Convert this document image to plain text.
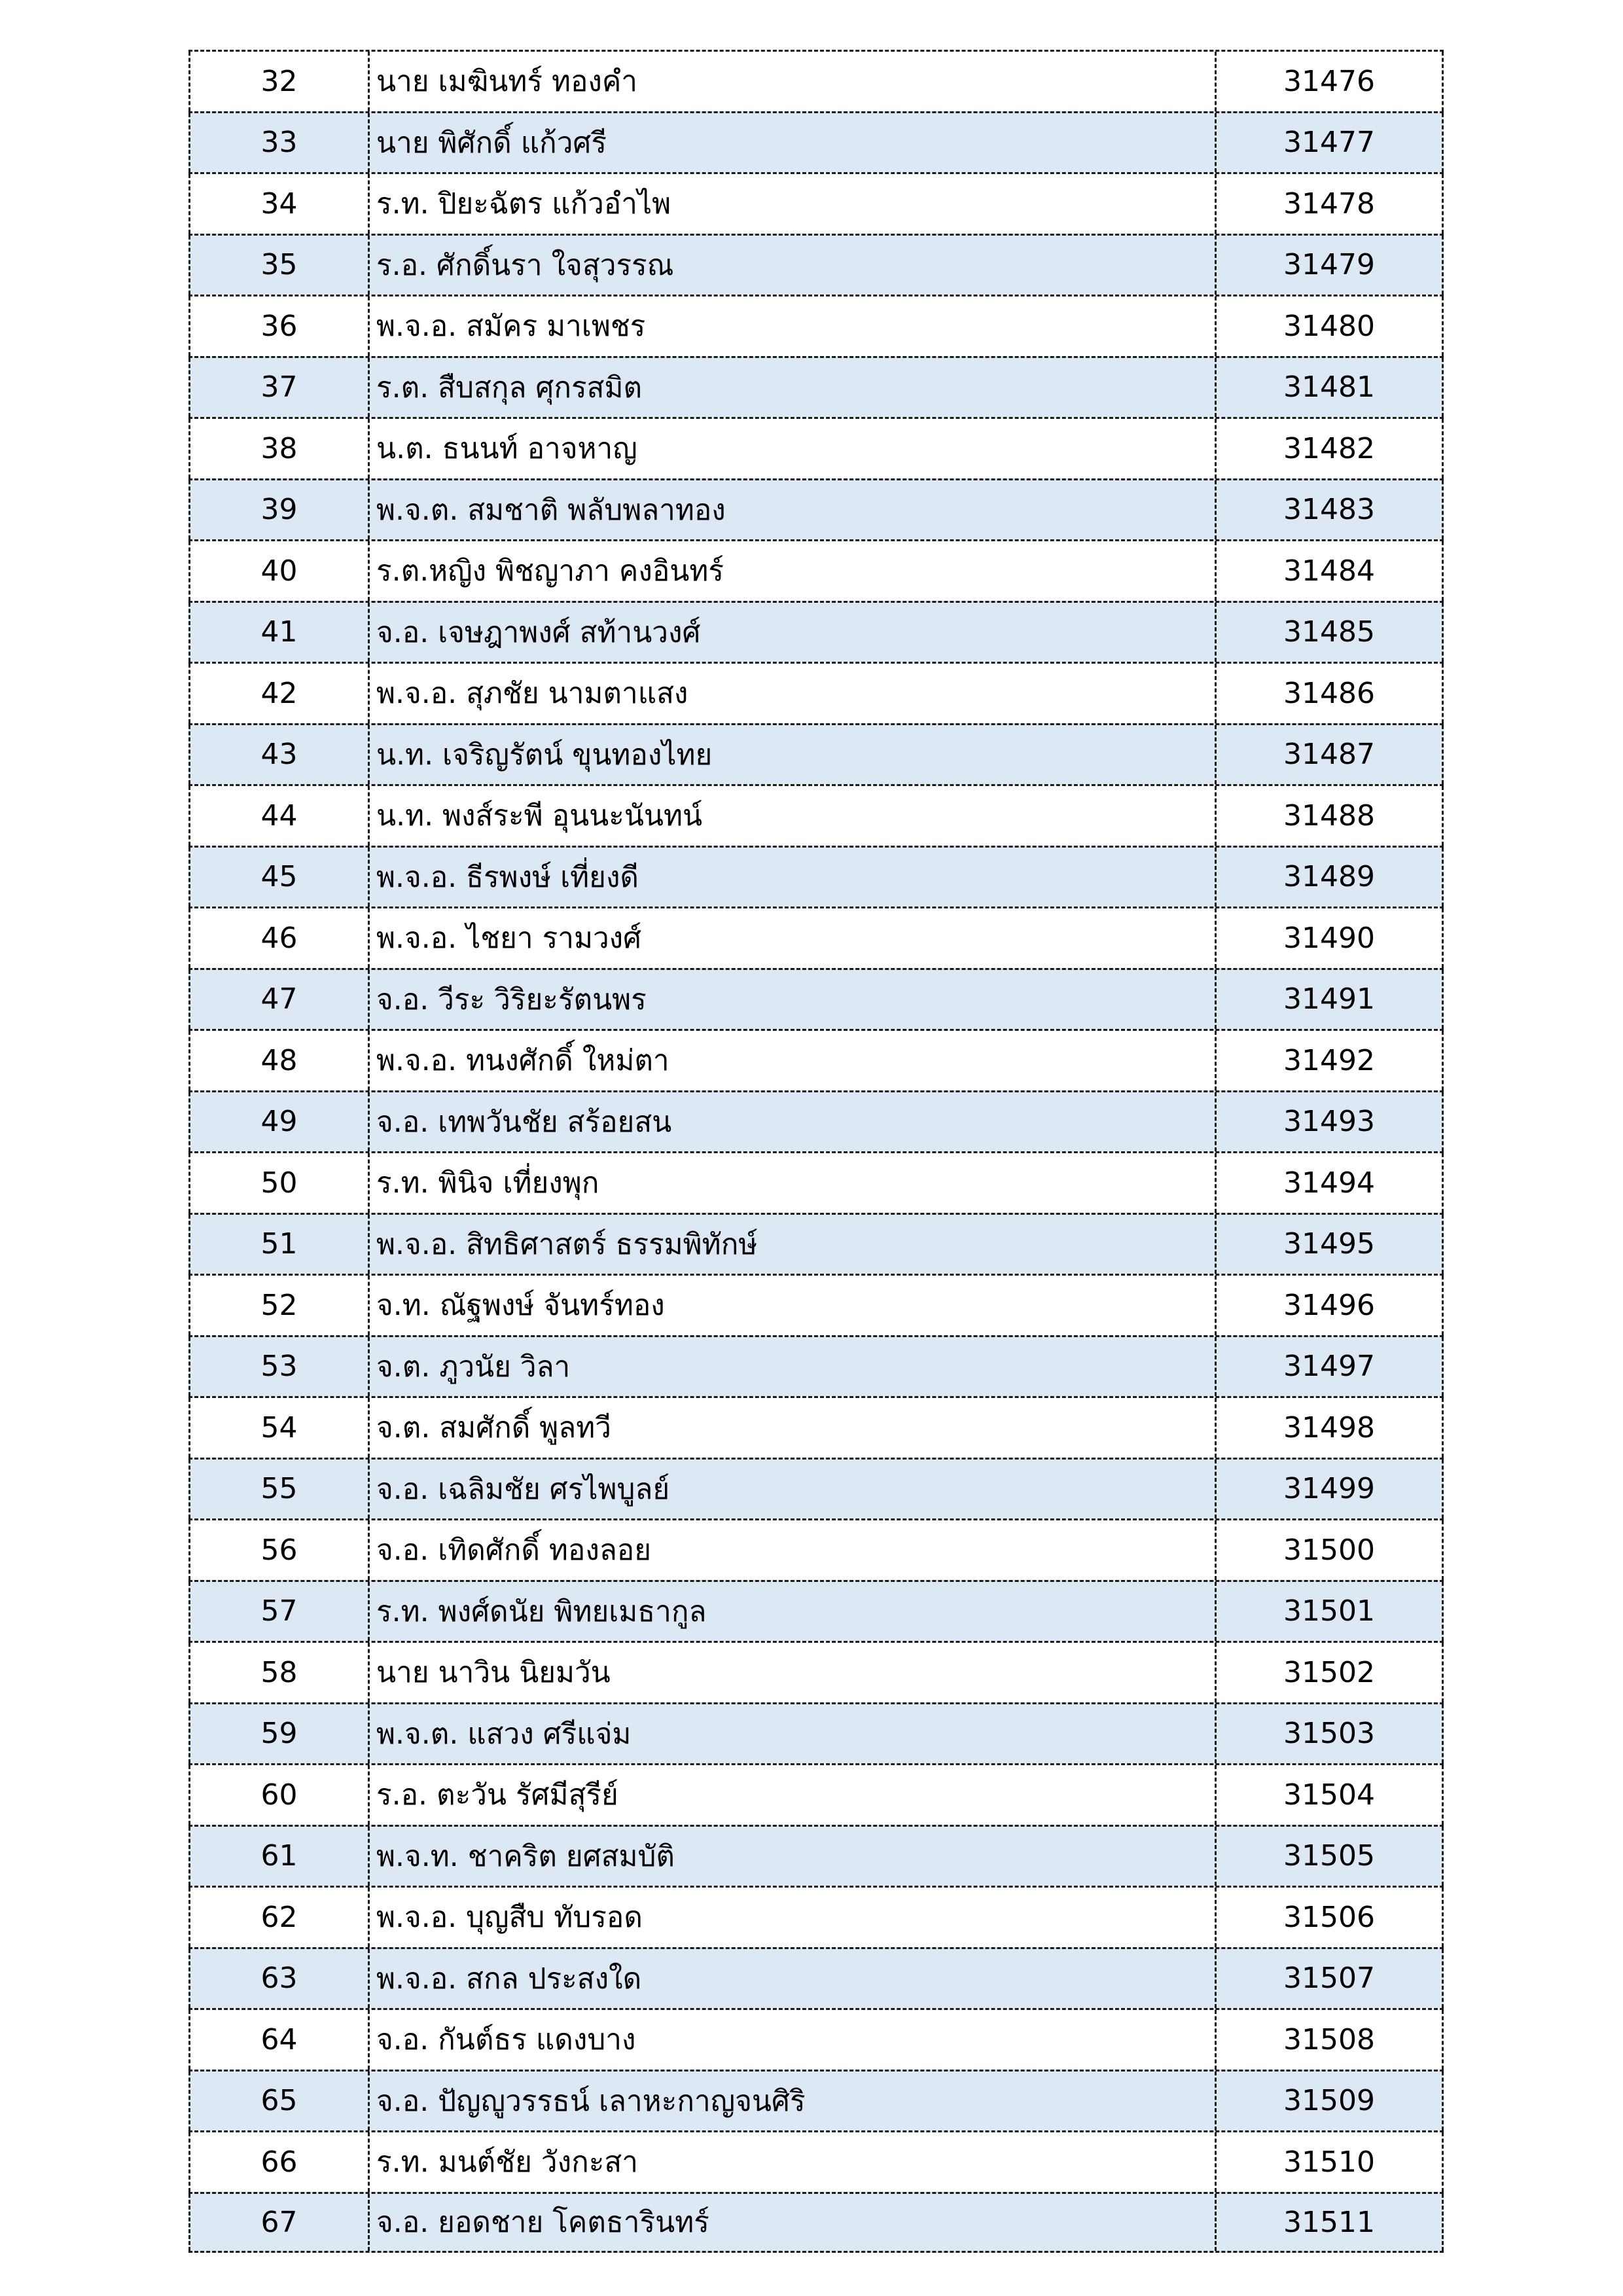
32	นาย เมฆินทร์ ทองคำ	31476
33	นาย พิศักดิ์ แก้วศรี	31477
34	ร.ท. ปิยะฉัตร แก้วอำไพ	31478
35	ร.อ. ศักดิ์นรา ใจสุวรรณ	31479
36	พ.จ.อ. สมัคร มาเพชร	31480
37	ร.ต. สืบสกุล ศุกรสมิต	31481
38	น.ต. ธนนท์ อาจหาญ	31482
39	พ.จ.ต. สมชาติ พลับพลาทอง	31483
40	ร.ต.หญิง พิชญาภา คงอินทร์	31484
41	จ.อ. เจษฎาพงศ์ สท้านวงศ์	31485
42	พ.จ.อ. สุภชัย นามตาแสง	31486
43	น.ท. เจริญรัตน์ ขุนทองไทย	31487
44	น.ท. พงส์ระพี อุนนะนันทน์	31488
45	พ.จ.อ. ธีรพงษ์ เที่ยงดี	31489
46	พ.จ.อ. ไชยา รามวงศ์	31490
47	จ.อ. วีระ วิริยะรัตนพร	31491
48	พ.จ.อ. ทนงศักดิ์ ใหม่ตา	31492
49	จ.อ. เทพวันชัย สร้อยสน	31493
50	ร.ท. พินิจ เที่ยงพุก	31494
51	พ.จ.อ. สิทธิศาสตร์ ธรรมพิทักษ์	31495
52	จ.ท. ณัฐพงษ์ จันทร์ทอง	31496
53	จ.ต. ภูวนัย วิลา	31497
54	จ.ต. สมศักดิ์ พูลทวี	31498
55	จ.อ. เฉลิมชัย ศรไพบูลย์	31499
56	จ.อ. เทิดศักดิ์ ทองลอย	31500
57	ร.ท. พงศ์ดนัย พิทยเมธากูล	31501
58	นาย นาวิน นิยมวัน	31502
59	พ.จ.ต. แสวง ศรีแจ่ม	31503
60	ร.อ. ตะวัน รัศมีสุรีย์	31504
61	พ.จ.ท. ชาคริต ยศสมบัติ	31505
62	พ.จ.อ. บุญสืบ ทับรอด	31506
63	พ.จ.อ. สกล ประสงใด	31507
64	จ.อ. กันต์ธร แดงบาง	31508
65	จ.อ. ปัญญูวรรธน์ เลาหะกาญจนศิริ	31509
66	ร.ท. มนต์ชัย วังกะสา	31510
67	จ.อ. ยอดชาย โคตธารินทร์	31511
